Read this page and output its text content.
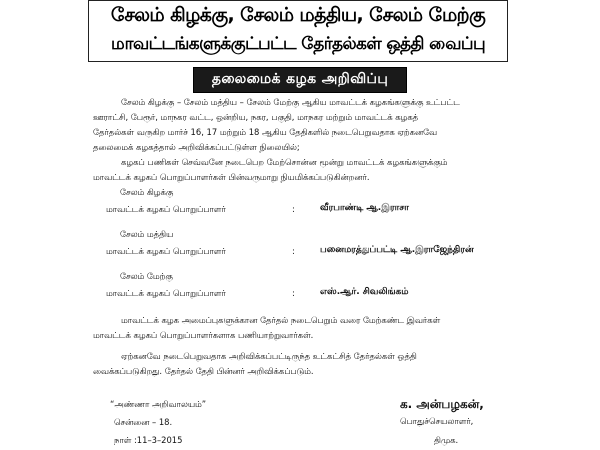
சேலம் கிழக்கு, சேலம் மத்திய, சேலம் மேற்கு
மாவட்டங்களுக்குட்பட்ட தேர்தல்கள் ஒத்தி வைப்பு
தலைமைக் கழக அறிவிப்பு
சேலம் கிழக்கு – சேலம் மத்திய – சேலம் மேற்கு ஆகிய மாவட்டக் கழகங்களுக்கு உட்பட்ட
ஊராட்சி, பேரூர், மாநகர வட்ட, ஒன்றிய, நகர, பகுதி, மாநகர மற்றும் மாவட்டக் கழகத்
தேர்தல்கள் வருகிற மார்ச் 16, 17 மற்றும் 18 ஆகிய தேதிகளில் நடைபெறுவதாக ஏற்கனவே
தலைமைக் கழகத்தால் அறிவிக்கப்பட்டுள்ள நிலையில்;
கழகப் பணிகள் செவ்வனே நடைபெற மேற்சொன்ன மூன்று மாவட்டக் கழகங்களுக்கும்
மாவட்டக் கழகப் பொறுப்பாளர்கள் பின்வருமாறு நியமிக்கப்படுகின்றனர்.
சேலம் கிழக்கு
மாவட்டக் கழகப் பொறுப்பாளர்	:	வீரபாண்டி ஆ.இராசா
சேலம் மத்திய
மாவட்டக் கழகப் பொறுப்பாளர்	:	பனைமரத்துப்பட்டி ஆ.இராஜேந்திரன்
சேலம் மேற்கு
மாவட்டக் கழகப் பொறுப்பாளர்	:	எஸ்.ஆர். சிவலிங்கம்
மாவட்டக் கழக அமைப்புகளுக்கான தேர்தல் நடைபெறும் வரை மேற்கண்ட இவர்கள்
மாவட்டக் கழகப் பொறுப்பாளர்களாக பணியாற்றுவார்கள்.
ஏற்கனவே நடைபெறுவதாக அறிவிக்கப்பட்டிருந்த உட்கட்சித் தேர்தல்கள் ஒத்தி
வைக்கப்படுகிறது. தேர்தல் தேதி பின்னர் அறிவிக்கப்படும்.
“அண்ணா அறிவாலயம்”
சென்னை – 18.
நாள் :11–3–2015
க. அன்பழகன்,
பொதுச்செயலாளர்,
திமுக.
